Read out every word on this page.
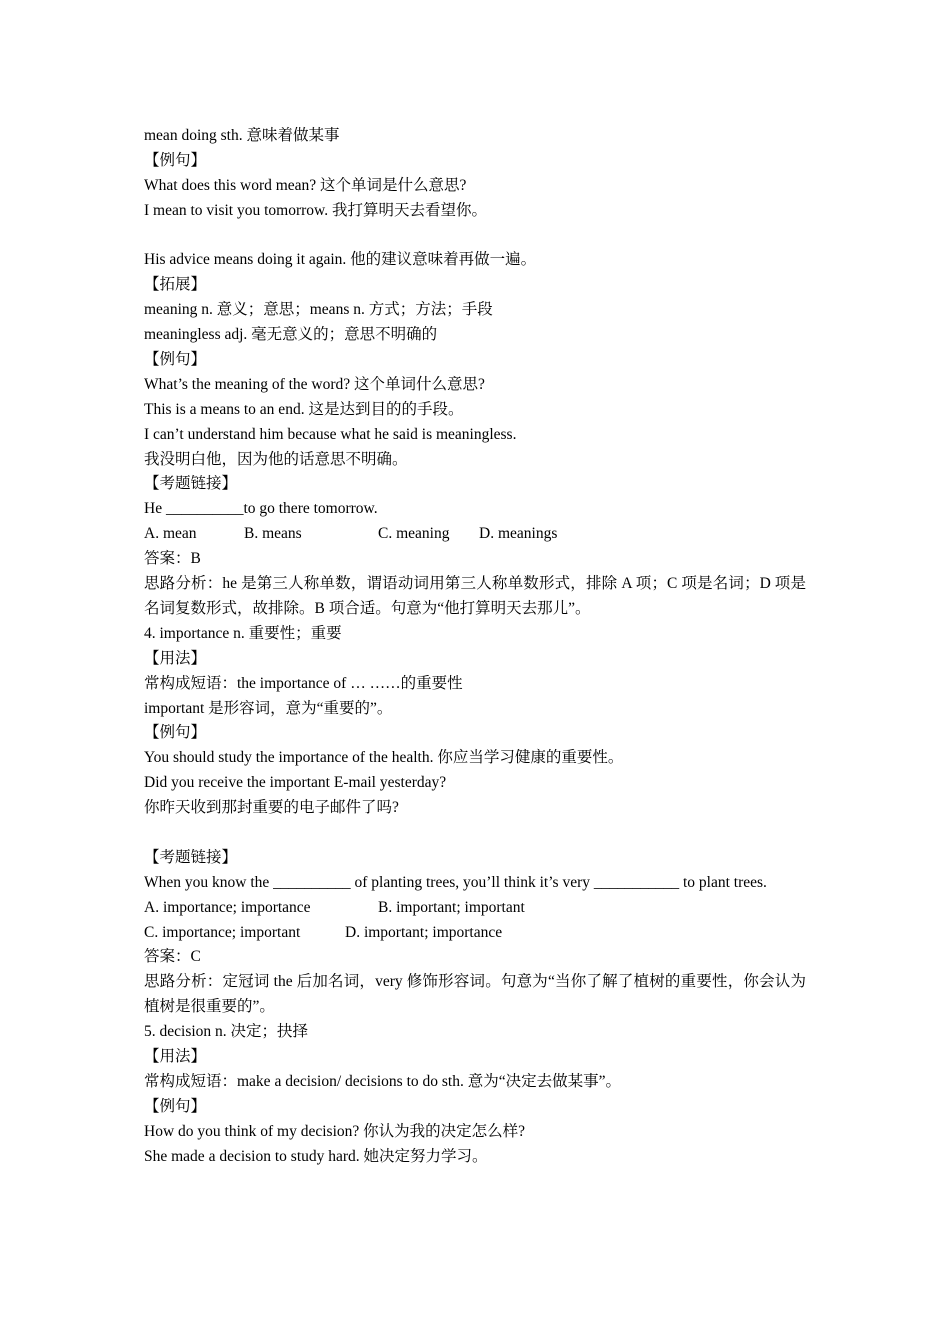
mean doing sth. 意味着做某事
【例句】
What does this word mean? 这个单词是什么意思?
I mean to visit you tomorrow. 我打算明天去看望你。
His advice means doing it again. 他的建议意味着再做一遍。
【拓展】
meaning n. 意义；意思；means n. 方式；方法；手段
meaningless adj. 毫无意义的；意思不明确的
【例句】
What’s the meaning of the word? 这个单词什么意思?
This is a means to an end. 这是达到目的的手段。
I can’t understand him because what he said is meaningless.
我没明白他，因为他的话意思不明确。
【考题链接】
He __________to go there tomorrow.
A. mean	B. means	C. meaning D. meanings
答案：B
思路分析：he 是第三人称单数，谓语动词用第三人称单数形式，排除 A 项；C 项是名词；D 项是名词复数形式，故排除。B 项合适。句意为“他打算明天去那儿”。
4. importance n. 重要性；重要
【用法】
常构成短语：the importance of … ……的重要性
important 是形容词，意为“重要的”。
【例句】
You should study the importance of the health. 你应当学习健康的重要性。
Did you receive the important E-mail yesterday?
你昨天收到那封重要的电子邮件了吗?
【考题链接】
When you know the __________ of planting trees, you’ll think it’s very ___________ to plant trees.
A. importance; importance	B. important; important
C. importance; important	D. important; importance
答案：C
思路分析：定冠词 the 后加名词，very 修饰形容词。句意为“当你了解了植树的重要性，你会认为植树是很重要的”。
5. decision n. 决定；抉择
【用法】
常构成短语：make a decision/ decisions to do sth. 意为“决定去做某事”。
【例句】
How do you think of my decision? 你认为我的决定怎么样?
She made a decision to study hard. 她决定努力学习。
